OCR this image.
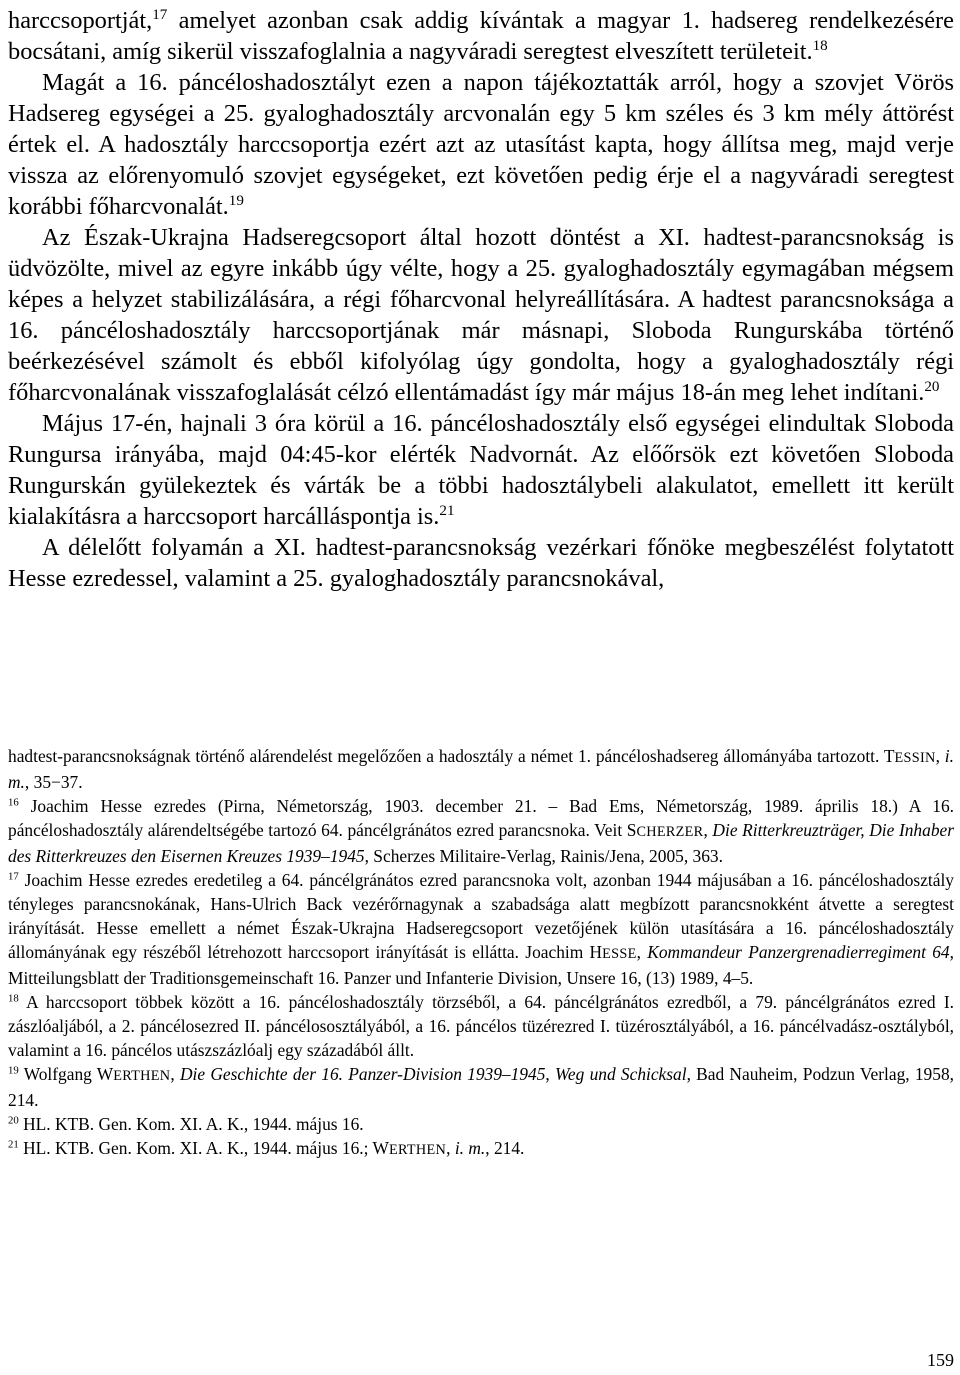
harccsoportját,$^{17}$ amelyet azonban csak addig kívántak a magyar 1. hadsereg rendelkezésére bocsátani, amíg sikerül visszafoglalnia a nagyváradi seregtest elveszített területeit.$^{18}$

Magát a 16. páncéloshadosztályt ezen a napon tájékoztatták arról, hogy a szovjet Vörös Hadsereg egységei a 25. gyaloghadosztály arcvonalán egy 5 km széles és 3 km mély áttörést értek el. A hadosztály harccsoportja ezért azt az utasítást kapta, hogy állítsa meg, majd verje vissza az előrenyomuló szovjet egységeket, ezt követően pedig érje el a nagyváradi seregtest korábbi főharcvonalát.$^{19}$

Az Észak-Ukrajna Hadseregcsoport által hozott döntést a XI. hadtest-parancsnokság is üdvözölte, mivel az egyre inkább úgy vélte, hogy a 25. gyaloghadosztály egymagában mégsem képes a helyzet stabilizálására, a régi főharcvonal helyreállítására. A hadtest parancsnoksága a 16. páncéloshadosztály harccsoportjának már másnapi, Sloboda Rungurskába történő beérkezésével számolt és ebből kifolyólag úgy gondolta, hogy a gyaloghadosztály régi főharcvonalának visszafoglalását célzó ellentámadást így már május 18-án meg lehet indítani.$^{20}$

Május 17-én, hajnali 3 óra körül a 16. páncéloshadosztály első egységei elindultak Sloboda Rungursa irányába, majd 04:45-kor elérték Nadvornát. Az előőrsök ezt követően Sloboda Rungurskán gyülekeztek és várták be a többi hadosztálybeli alakulatot, emellett itt került kialakításra a harccsoport harcálláspontja is.$^{21}$

A délelőtt folyamán a XI. hadtest-parancsnokság vezérkari főnöke megbeszélést folytatott Hesse ezredessel, valamint a 25. gyaloghadosztály parancsnokával,

hadtest-parancsnokságnak történő alárendelést megelőzően a hadosztály a német 1. páncéloshadsereg állományába tartozott. TESSIN, i. m., 35−37.

$^{16}$ Joachim Hesse ezredes (Pirna, Németország, 1903. december 21. – Bad Ems, Németország, 1989. április 18.) A 16. páncéloshadosztály alárendeltségébe tartozó 64. páncélgránátos ezred parancsnoka. Veit SCHERZER, Die Ritterkreuzträger, Die Inhaber des Ritterkreuzes den Eisernen Kreuzes 1939–1945, Scherzes Militaire-Verlag, Rainis/Jena, 2005, 363.

$^{17}$ Joachim Hesse ezredes eredetileg a 64. páncélgránátos ezred parancsnoka volt, azonban 1944 májusában a 16. páncéloshadosztály tényleges parancsnokának, Hans-Ulrich Back vezérőrnagynak a szabadsága alatt megbízott parancsnokként átvette a seregtest irányítását. Hesse emellett a német Észak-Ukrajna Hadseregcsoport vezetőjének külön utasítására a 16. páncéloshadosztály állományának egy részéből létrehozott harccsoport irányítását is ellátta. Joachim HESSE, Kommandeur Panzergrenadierregiment 64, Mitteilungsblatt der Traditionsgemeinschaft 16. Panzer und Infanterie Division, Unsere 16, (13) 1989, 4–5.

$^{18}$ A harccsoport többek között a 16. páncéloshadosztály törzséből, a 64. páncélgránátos ezredből, a 79. páncélgránátos ezred I. zászlóaljából, a 2. páncélosezred II. páncélososztályából, a 16. páncélos tüzérezred I. tüzérosztályából, a 16. páncélvadász-osztályból, valamint a 16. páncélos utászszázlóalj egy századából állt.

$^{19}$ Wolfgang WERTHEN, Die Geschichte der 16. Panzer-Division 1939–1945, Weg und Schicksal, Bad Nauheim, Podzun Verlag, 1958, 214.

$^{20}$ HL. KTB. Gen. Kom. XI. A. K., 1944. május 16.

$^{21}$ HL. KTB. Gen. Kom. XI. A. K., 1944. május 16.; WERTHEN, i. m., 214.

159
